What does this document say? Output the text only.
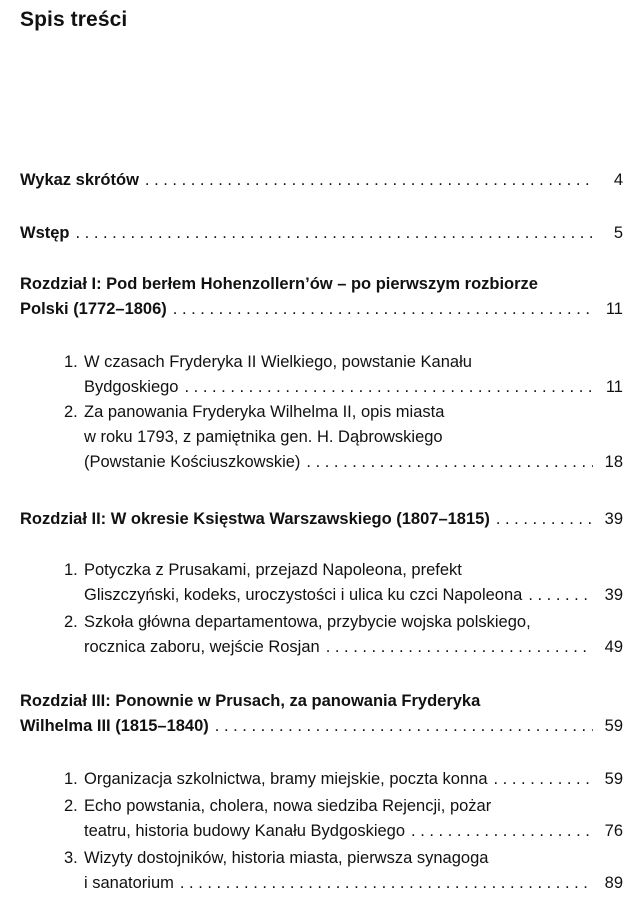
Spis treści
Wykaz skrótów . . .	4
Wstęp . . .	5
Rozdział I: Pod berłem Hohenzollern’ów – po pierwszym rozbiorze
Polski (1772–1806) . . .	11
1. W czasach Fryderyka II Wielkiego, powstanie Kanału
Bydgoskiego . . .	11
2. Za panowania Fryderyka Wilhelma II, opis miasta
w roku 1793, z pamiętnika gen. H. Dąbrowskiego
(Powstanie Kościuszkowskie) . . .	18
Rozdział II: W okresie Księstwa Warszawskiego (1807–1815) . . .	39
1. Potyczka z Prusakami, przejazd Napoleona, prefekt
Gliszczyński, kodeks, uroczystości i ulica ku czci Napoleona . . .	39
2. Szkoła główna departamentowa, przybycie wojska polskiego,
rocznica zaboru, wejście Rosjan . . .	49
Rozdział III: Ponownie w Prusach, za panowania Fryderyka
Wilhelma III (1815–1840) . . .	59
1. Organizacja szkolnictwa, bramy miejskie, poczta konna . . .	59
2. Echo powstania, cholera, nowa siedziba Rejencji, pożar
teatru, historia budowy Kanału Bydgoskiego . . .	76
3. Wizyty dostojników, historia miasta, pierwsza synagoga
i sanatorium . . .	89
